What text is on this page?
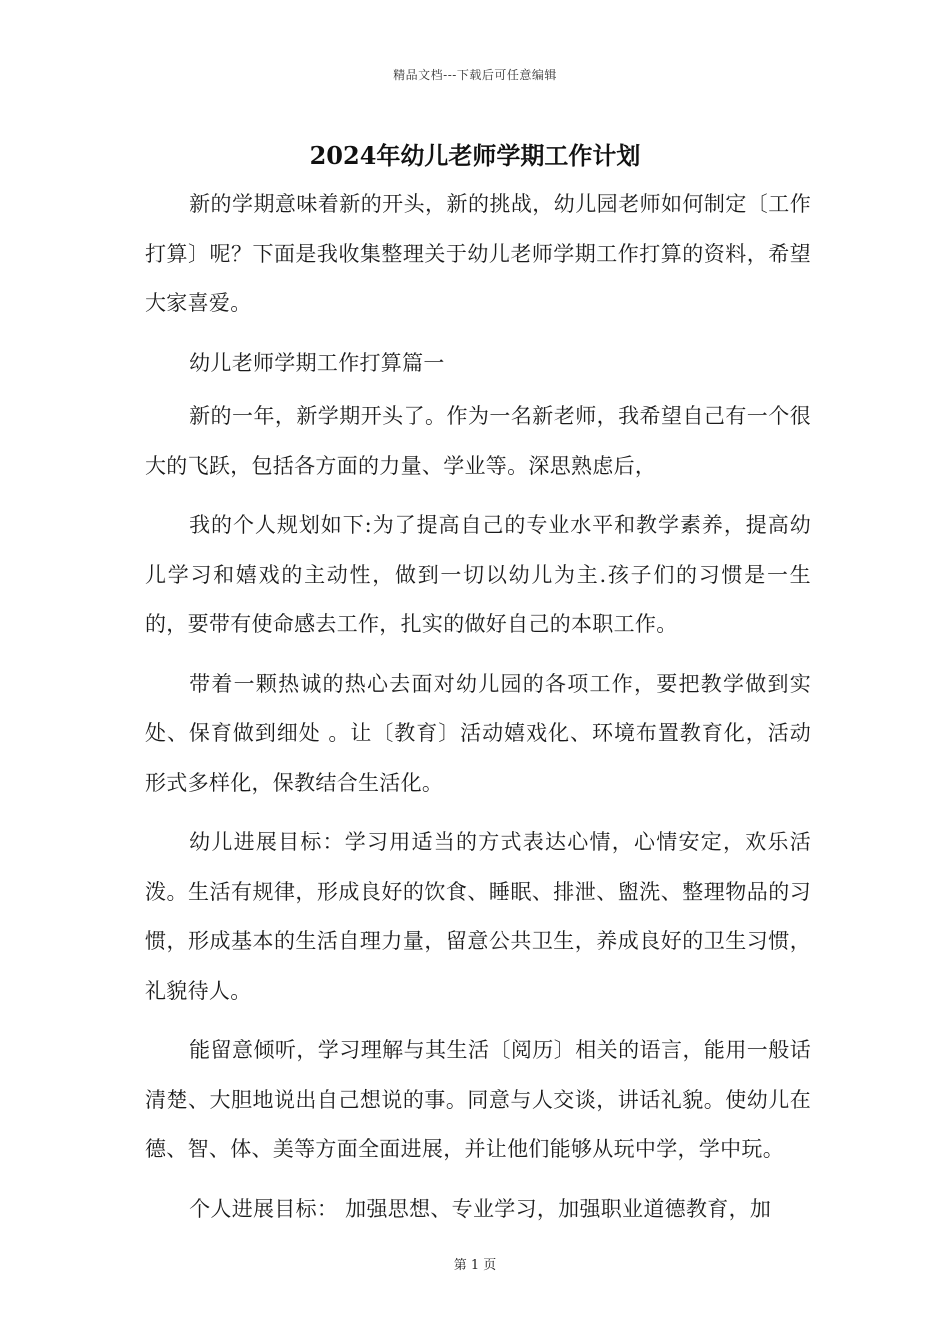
精品文档---下载后可任意编辑
2024年幼儿老师学期工作计划

新的学期意味着新的开头，新的挑战，幼儿园老师如何制定〔工作打算〕呢？下面是我收集整理关于幼儿老师学期工作打算的资料，希望大家喜爱。

幼儿老师学期工作打算篇一

新的一年，新学期开头了。作为一名新老师，我希望自己有一个很大的飞跃，包括各方面的力量、学业等。深思熟虑后，

我的个人规划如下:为了提高自己的专业水平和教学素养，提高幼儿学习和嬉戏的主动性，做到一切以幼儿为主.孩子们的习惯是一生的，要带有使命感去工作，扎实的做好自己的本职工作。

带着一颗热诚的热心去面对幼儿园的各项工作，要把教学做到实处、保育做到细处 。让〔教育〕活动嬉戏化、环境布置教育化，活动形式多样化，保教结合生活化。

幼儿进展目标：学习用适当的方式表达心情，心情安定，欢乐活泼。生活有规律，形成良好的饮食、睡眠、排泄、盥洗、整理物品的习惯，形成基本的生活自理力量，留意公共卫生，养成良好的卫生习惯，礼貌待人。

能留意倾听，学习理解与其生活〔阅历〕相关的语言，能用一般话清楚、大胆地说出自己想说的事。同意与人交谈，讲话礼貌。使幼儿在德、智、体、美等方面全面进展，并让他们能够从玩中学，学中玩。

个人进展目标： 加强思想、专业学习，加强职业道德教育，加

第 1 页
